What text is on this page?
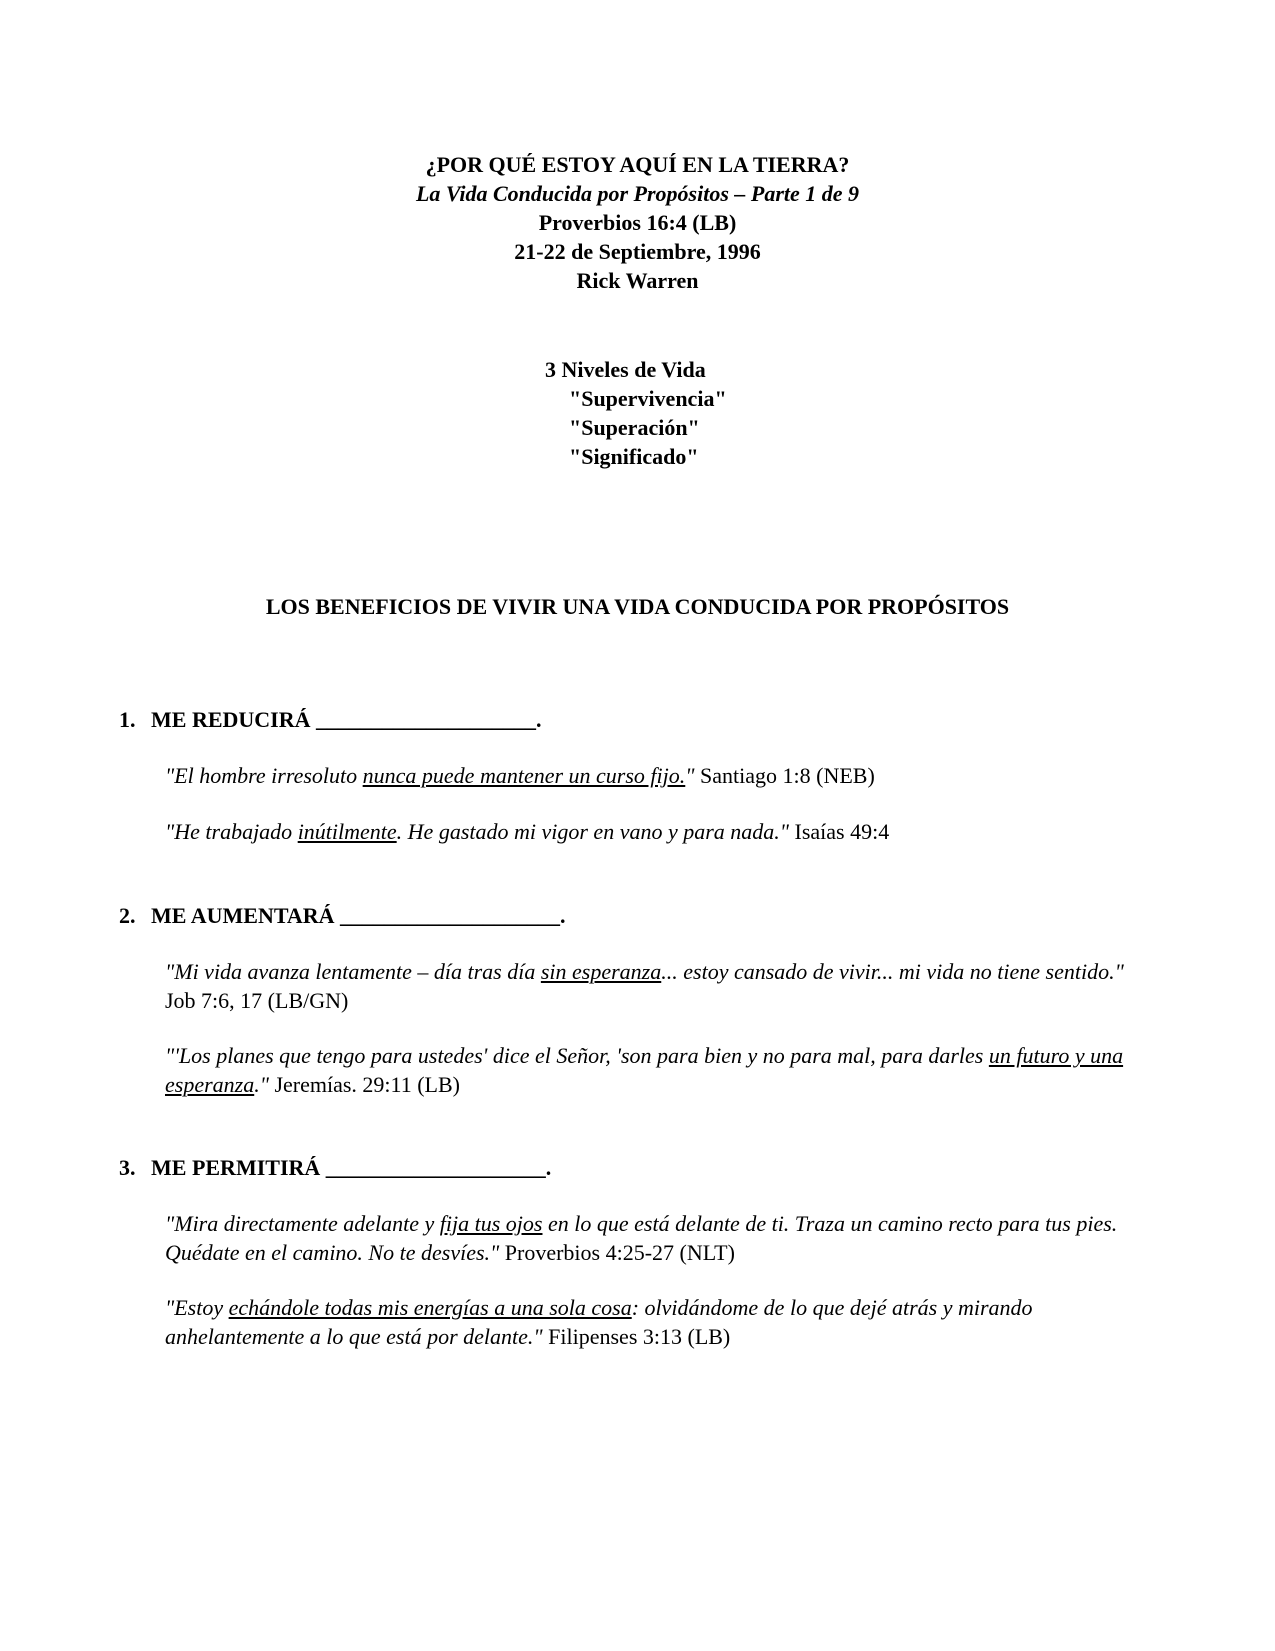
¿POR QUÉ ESTOY AQUÍ EN LA TIERRA?
La Vida Conducida por Propósitos – Parte 1 de 9
Proverbios 16:4 (LB)
21-22 de Septiembre, 1996
Rick Warren
3 Niveles de Vida
"Supervivencia"
"Superación"
"Significado"
LOS BENEFICIOS DE VIVIR UNA VIDA CONDUCIDA POR PROPÓSITOS
1. ME REDUCIRÁ ____________________.
"El hombre irresoluto nunca puede mantener un curso fijo." Santiago 1:8 (NEB)
"He trabajado inútilmente. He gastado mi vigor en vano y para nada." Isaías 49:4
2. ME AUMENTARÁ ____________________.
"Mi vida avanza lentamente – día tras día sin esperanza... estoy cansado de vivir... mi vida no tiene sentido." Job 7:6, 17 (LB/GN)
"'Los planes que tengo para ustedes' dice el Señor, 'son para bien y no para mal, para darles un futuro y una esperanza." Jeremías. 29:11 (LB)
3. ME PERMITIRÁ ____________________.
"Mira directamente adelante y fija tus ojos en lo que está delante de ti. Traza un camino recto para tus pies. Quédate en el camino. No te desvíes." Proverbios 4:25-27 (NLT)
"Estoy echándole todas mis energías a una sola cosa: olvidándome de lo que dejé atrás y mirando anhelantemente a lo que está por delante." Filipenses 3:13 (LB)
